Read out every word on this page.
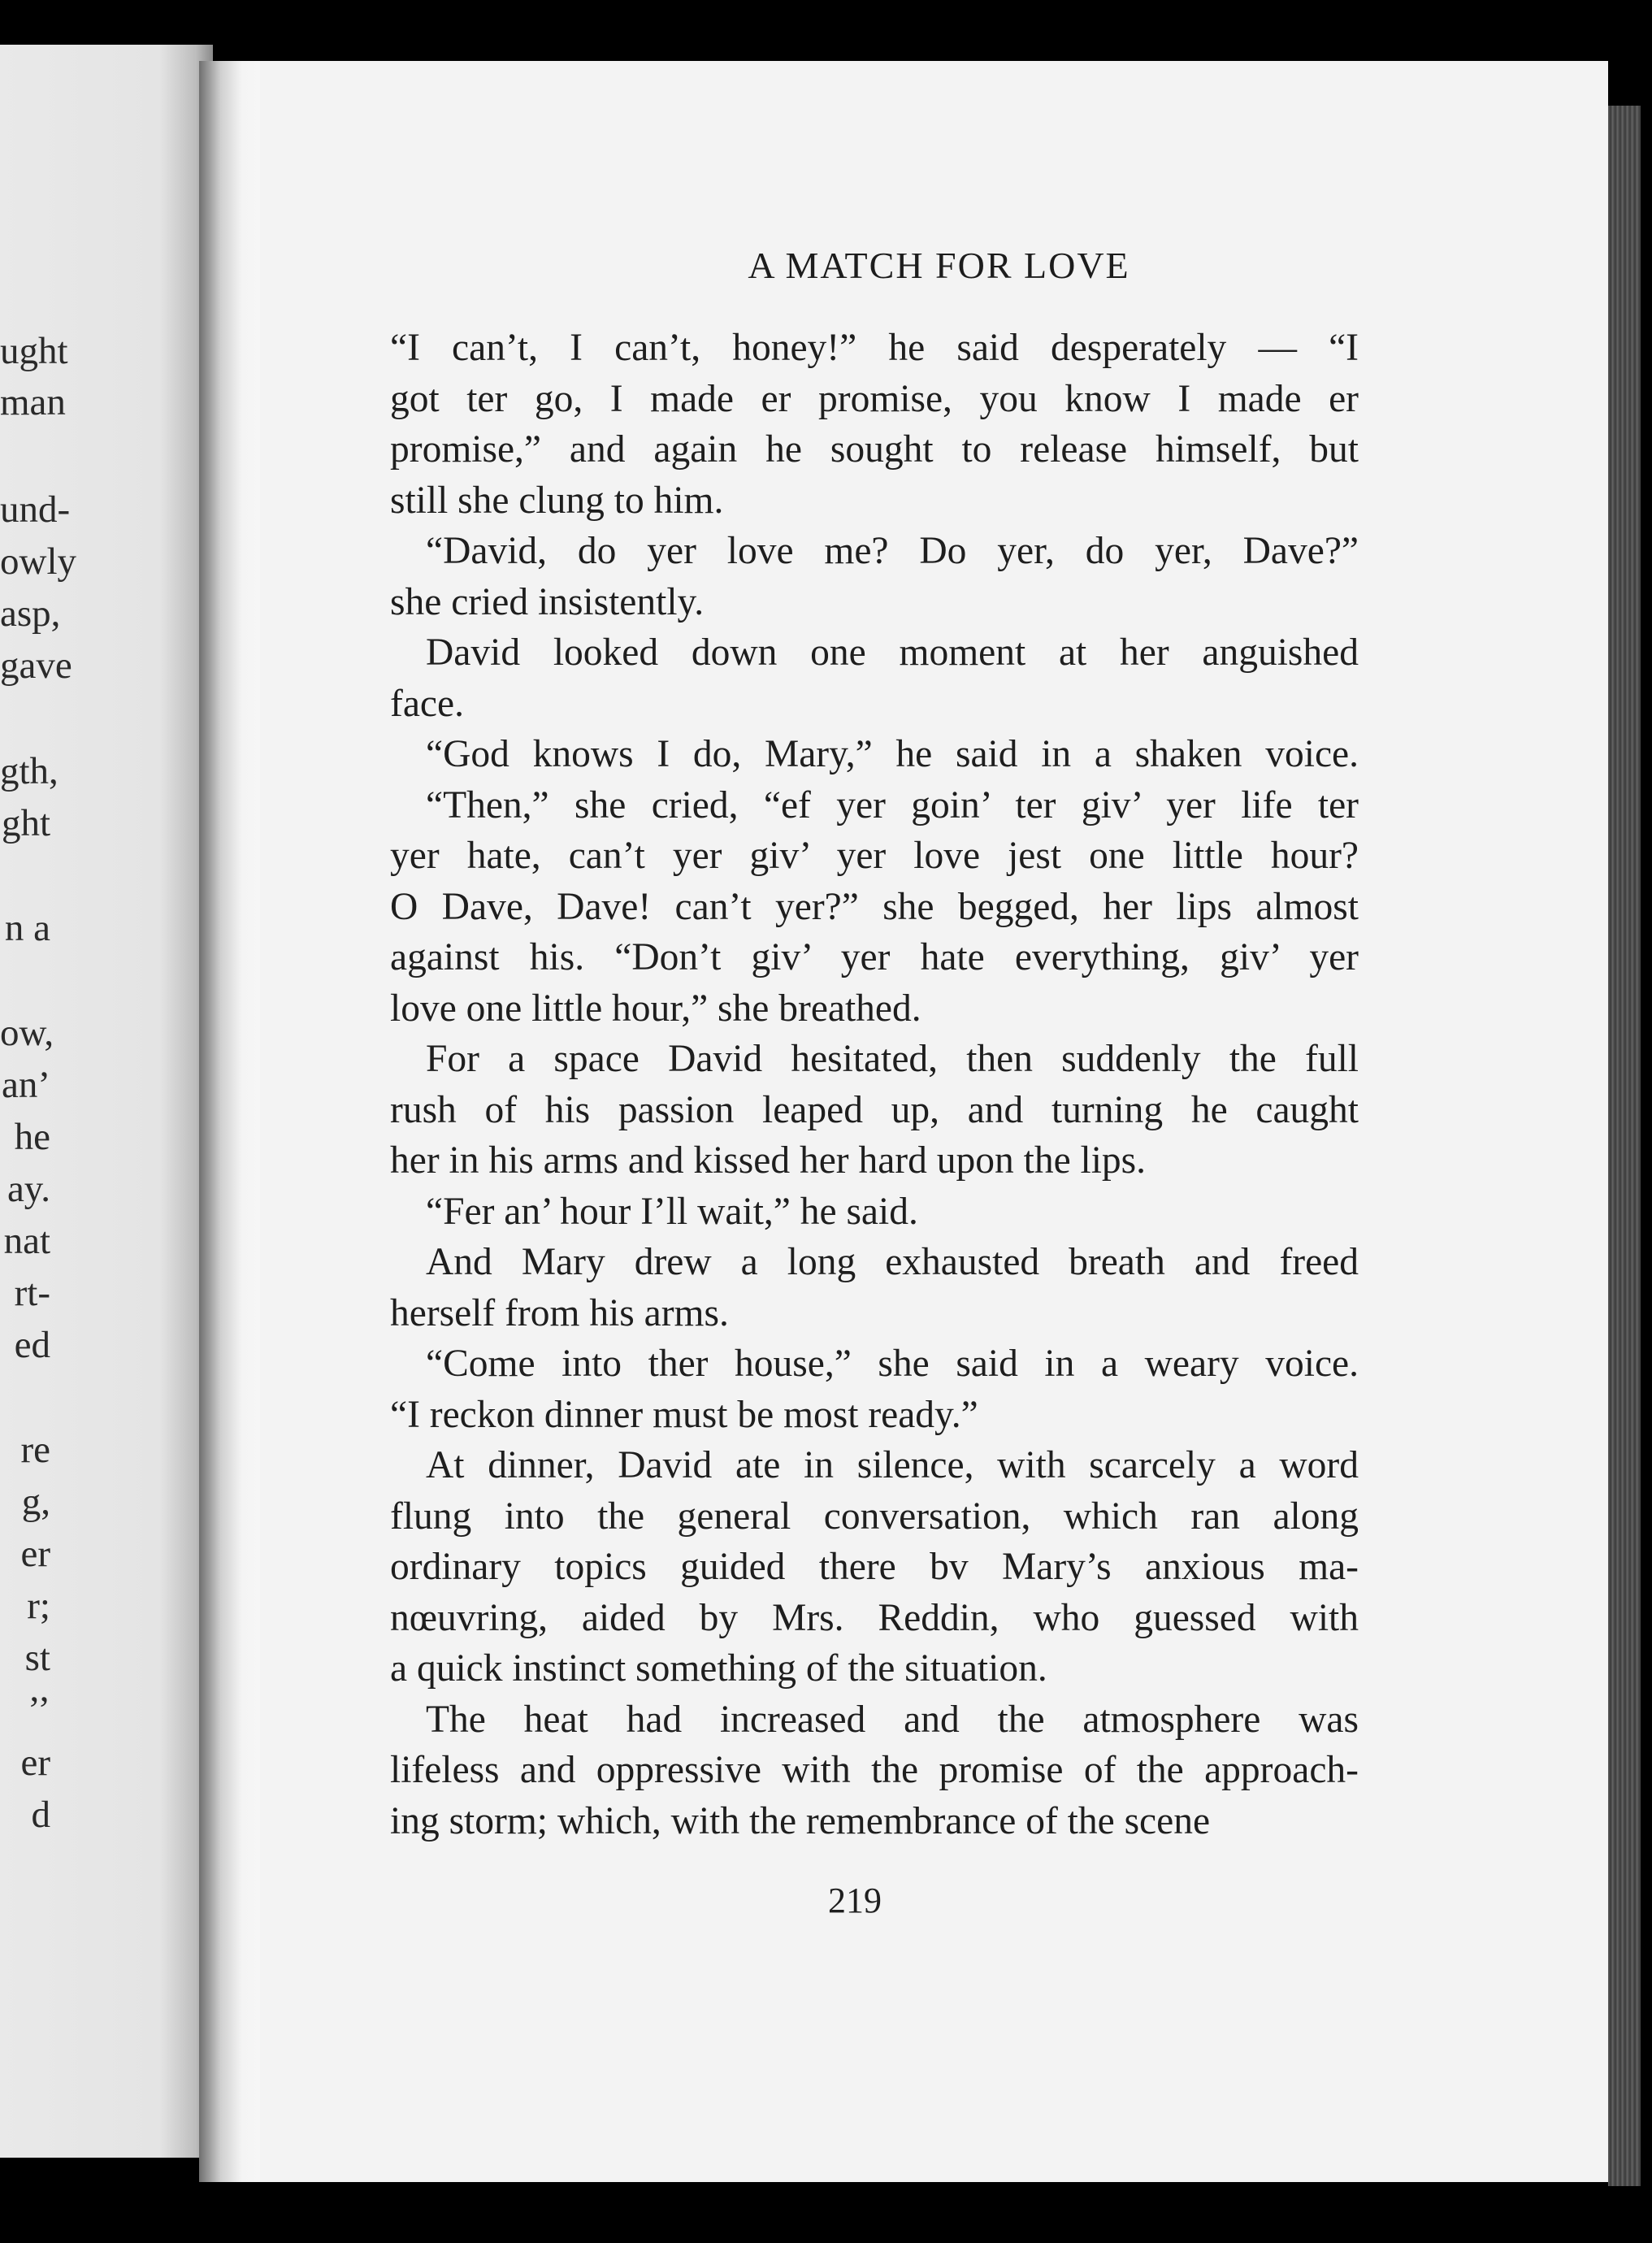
ught
man
und-
owly
asp,
gave
gth,
ght
n a
ow,
an’
he
ay.
nat
rt-
ed
re
g,
er
r;
st
’’
er
d
A MATCH FOR LOVE
“I can’t, I can’t, honey!” he said desperately — “I
got ter go, I made er promise, you know I made er
promise,” and again he sought to release himself, but
still she clung to him.
“David, do yer love me? Do yer, do yer, Dave?”
she cried insistently.
David looked down one moment at her anguished
face.
“God knows I do, Mary,” he said in a shaken voice.
“Then,” she cried, “ef yer goin’ ter giv’ yer life ter
yer hate, can’t yer giv’ yer love jest one little hour?
O Dave, Dave! can’t yer?” she begged, her lips almost
against his. “Don’t giv’ yer hate everything, giv’ yer
love one little hour,” she breathed.
For a space David hesitated, then suddenly the full
rush of his passion leaped up, and turning he caught
her in his arms and kissed her hard upon the lips.
“Fer an’ hour I’ll wait,” he said.
And Mary drew a long exhausted breath and freed
herself from his arms.
“Come into ther house,” she said in a weary voice.
“I reckon dinner must be most ready.”
At dinner, David ate in silence, with scarcely a word
flung into the general conversation, which ran along
ordinary topics guided there bv Mary’s anxious ma-
nœuvring, aided by Mrs. Reddin, who guessed with
a quick instinct something of the situation.
The heat had increased and the atmosphere was
lifeless and oppressive with the promise of the approach-
ing storm; which, with the remembrance of the scene
219
